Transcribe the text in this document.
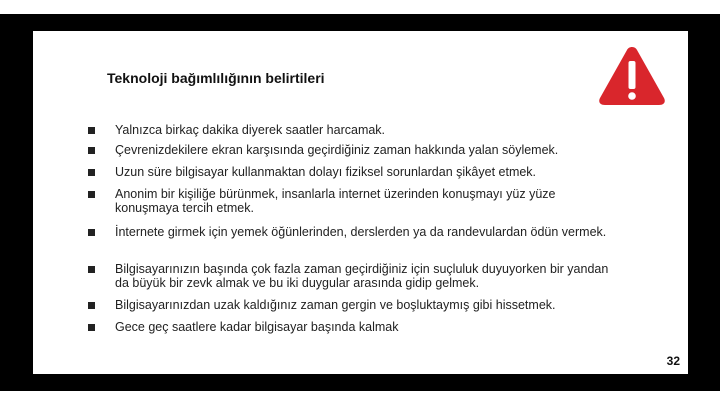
Teknoloji bağımlılığının belirtileri
Yalnızca birkaç dakika diyerek saatler harcamak.
Çevrenizdekilere ekran karşısında geçirdiğiniz zaman hakkında yalan söylemek.
Uzun süre bilgisayar kullanmaktan dolayı fiziksel sorunlardan şikâyet etmek.
Anonim bir kişiliğe bürünmek, insanlarla internet üzerinden konuşmayı yüz yüze konuşmaya tercih etmek.
İnternete girmek için yemek öğünlerinden, derslerden ya da randevulardan ödün vermek.
Bilgisayarınızın başında çok fazla zaman geçirdiğiniz için suçluluk duyuyorken bir yandan da büyük bir zevk almak ve bu iki duygular arasında gidip gelmek.
Bilgisayarınızdan uzak kaldığınız zaman gergin ve boşluktaymış gibi hissetmek.
Gece geç saatlere kadar bilgisayar başında kalmak
32
